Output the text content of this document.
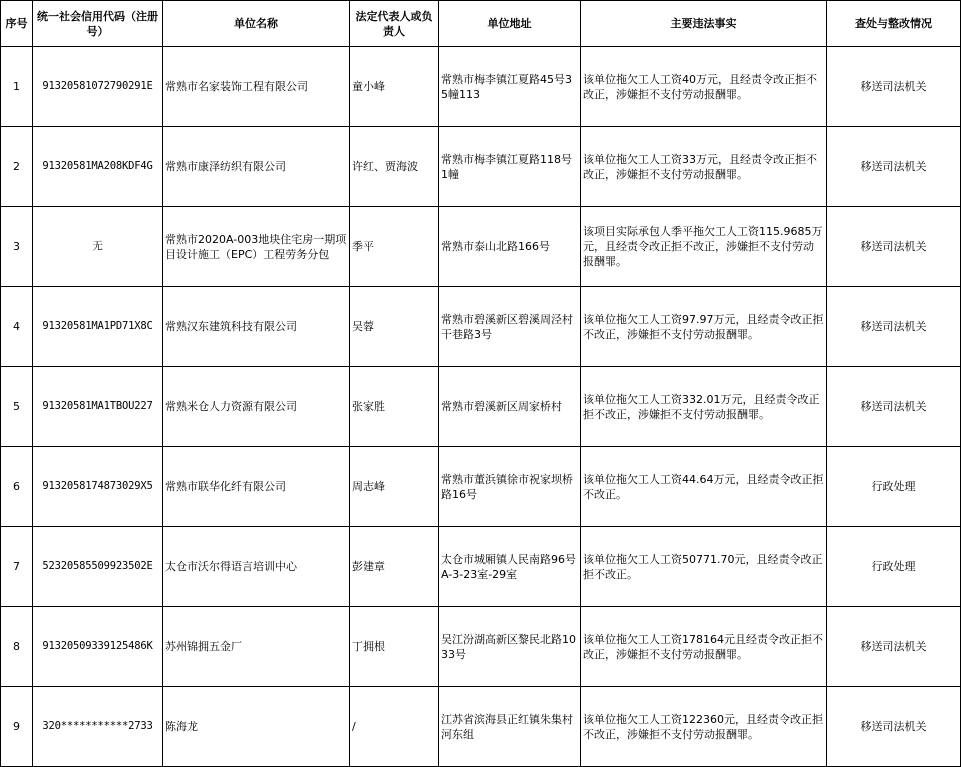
序号	统一社会信用代码（注册号）	单位名称	法定代表人或负责人	单位地址	主要违法事实	查处与整改情况
1	91320581072790291E	常熟市名家装饰工程有限公司	童小峰	常熟市梅李镇江夏路45号35幢113	该单位拖欠工人工资40万元，且经责令改正拒不改正，涉嫌拒不支付劳动报酬罪。	移送司法机关
2	91320581MA208KDF4G	常熟市康泽纺织有限公司	许红、贾海波	常熟市梅李镇江夏路118号1幢	该单位拖欠工人工资33万元，且经责令改正拒不改正，涉嫌拒不支付劳动报酬罪。	移送司法机关
3	无	常熟市2020A-003地块住宅房一期项目设计施工（EPC）工程劳务分包	季平	常熟市泰山北路166号	该项目实际承包人季平拖欠工人工资115.9685万元，且经责令改正拒不改正，涉嫌拒不支付劳动报酬罪。	移送司法机关
4	91320581MA1PD71X8C	常熟汉东建筑科技有限公司	吴蓉	常熟市碧溪新区碧溪周泾村干巷路3号	该单位拖欠工人工资97.97万元，且经责令改正拒不改正，涉嫌拒不支付劳动报酬罪。	移送司法机关
5	91320581MA1TBOU227	常熟米仓人力资源有限公司	张家胜	常熟市碧溪新区周家桥村	该单位拖欠工人工资332.01万元，且经责令改正拒不改正，涉嫌拒不支付劳动报酬罪。	移送司法机关
6	9132058174873029X5	常熟市联华化纤有限公司	周志峰	常熟市董浜镇徐市祝家坝桥路16号	该单位拖欠工人工资44.64万元，且经责令改正拒不改正。	行政处理
7	52320585509923502E	太仓市沃尔得语言培训中心	彭建章	太仓市城厢镇人民南路96号A-3-23室-29室	该单位拖欠工人工资50771.70元，且经责令改正拒不改正。	行政处理
8	91320509339125486K	苏州锦拥五金厂	丁拥根	吴江汾湖高新区黎民北路1033号	该单位拖欠工人工资178164元且经责令改正拒不改正，涉嫌拒不支付劳动报酬罪。	移送司法机关
9	320***********2733	陈海龙	/	江苏省滨海县正红镇朱集村河东组	该单位拖欠工人工资122360元，且经责令改正拒不改正，涉嫌拒不支付劳动报酬罪。	移送司法机关
